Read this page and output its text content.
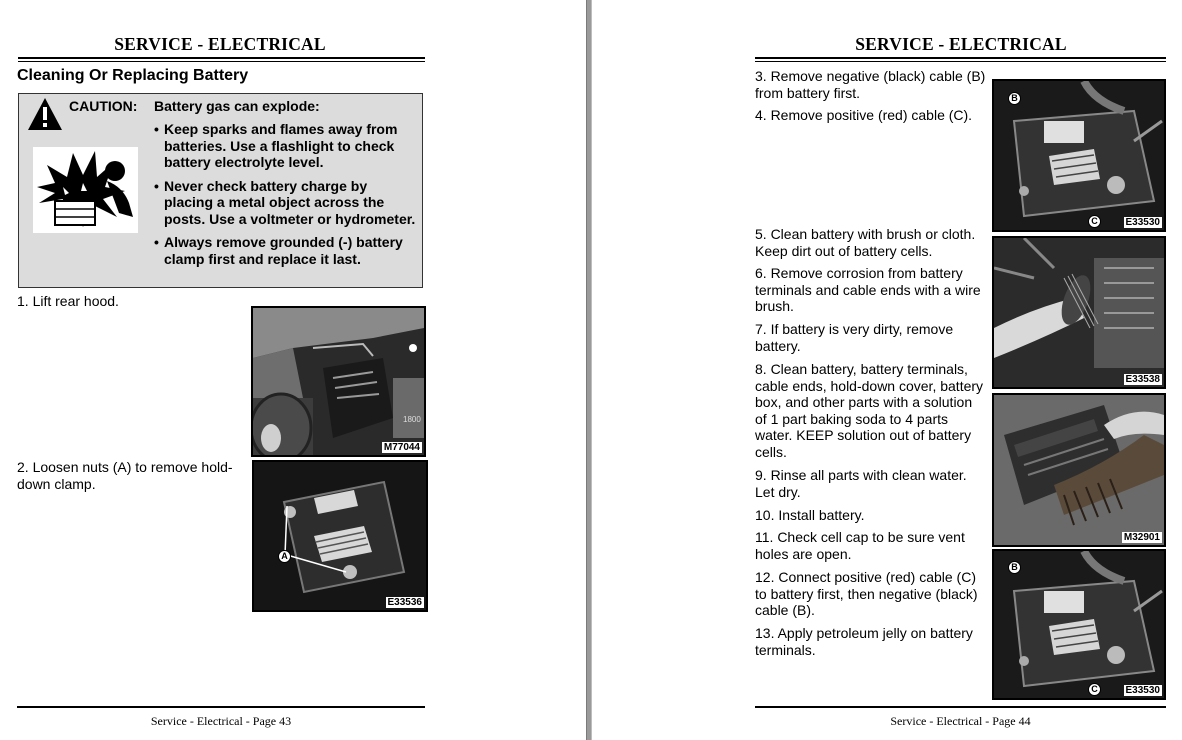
SERVICE - ELECTRICAL
Cleaning Or Replacing Battery
CAUTION: Battery gas can explode:
• Keep sparks and flames away from batteries. Use a flashlight to check battery electrolyte level.
• Never check battery charge by placing a metal object across the posts. Use a voltmeter or hydrometer.
• Always remove grounded (-) battery clamp first and replace it last.
1. Lift rear hood.
2. Loosen nuts (A) to remove hold-down clamp.
1800
M77044
A
E33536
Service - Electrical - Page 43
SERVICE - ELECTRICAL
3. Remove negative (black) cable (B) from battery first.
4. Remove positive (red) cable (C).
5. Clean battery with brush or cloth. Keep dirt out of battery cells.
6. Remove corrosion from battery terminals and cable ends with a wire brush.
7. If battery is very dirty, remove battery.
8. Clean battery, battery terminals, cable ends, hold-down cover, battery box, and other parts with a solution of 1 part baking soda to 4 parts water. KEEP solution out of battery cells.
9. Rinse all parts with clean water. Let dry.
10. Install battery.
11. Check cell cap to be sure vent holes are open.
12. Connect positive (red) cable (C) to battery first, then negative (black) cable (B).
13. Apply petroleum jelly on battery terminals.
B
C	E33530
E33538
M32901
B
C	E33530
Service - Electrical - Page 44
